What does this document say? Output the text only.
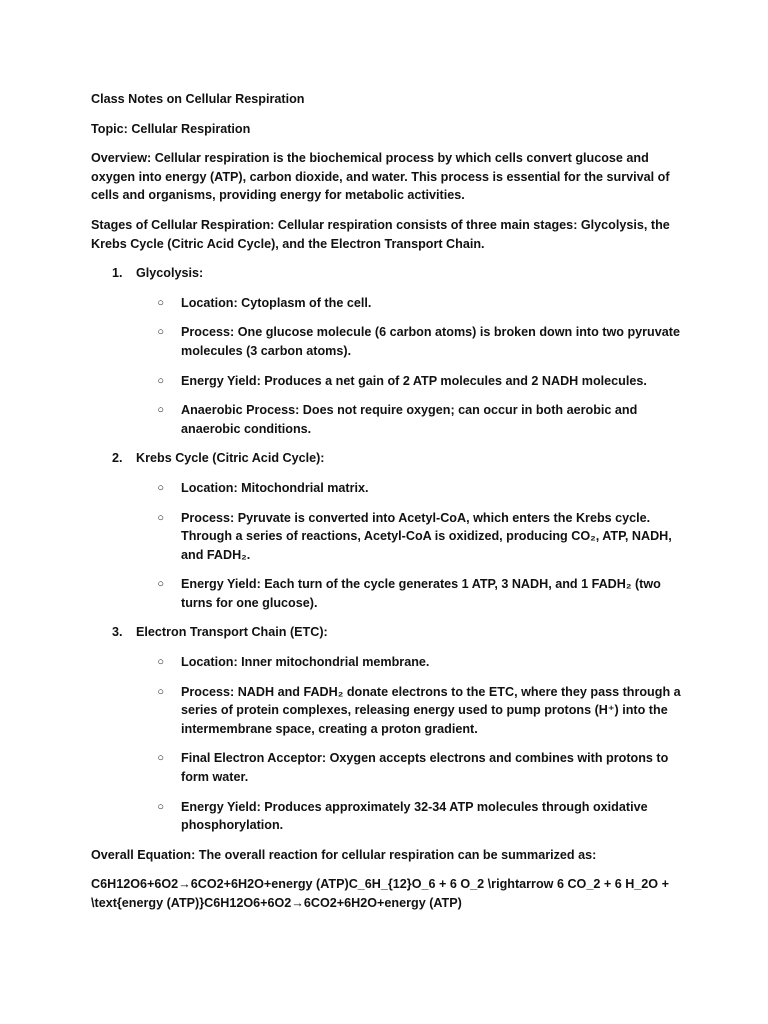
Class Notes on Cellular Respiration

Topic: Cellular Respiration

Overview: Cellular respiration is the biochemical process by which cells convert glucose and oxygen into energy (ATP), carbon dioxide, and water. This process is essential for the survival of cells and organisms, providing energy for metabolic activities.

Stages of Cellular Respiration: Cellular respiration consists of three main stages: Glycolysis, the Krebs Cycle (Citric Acid Cycle), and the Electron Transport Chain.

1.	Glycolysis:
○	Location: Cytoplasm of the cell.
○	Process: One glucose molecule (6 carbon atoms) is broken down into two pyruvate molecules (3 carbon atoms).
○	Energy Yield: Produces a net gain of 2 ATP molecules and 2 NADH molecules.
○	Anaerobic Process: Does not require oxygen; can occur in both aerobic and anaerobic conditions.
2.	Krebs Cycle (Citric Acid Cycle):
○	Location: Mitochondrial matrix.
○	Process: Pyruvate is converted into Acetyl-CoA, which enters the Krebs cycle. Through a series of reactions, Acetyl-CoA is oxidized, producing CO₂, ATP, NADH, and FADH₂.
○	Energy Yield: Each turn of the cycle generates 1 ATP, 3 NADH, and 1 FADH₂ (two turns for one glucose).
3.	Electron Transport Chain (ETC):
○	Location: Inner mitochondrial membrane.
○	Process: NADH and FADH₂ donate electrons to the ETC, where they pass through a series of protein complexes, releasing energy used to pump protons (H⁺) into the intermembrane space, creating a proton gradient.
○	Final Electron Acceptor: Oxygen accepts electrons and combines with protons to form water.
○	Energy Yield: Produces approximately 32-34 ATP molecules through oxidative phosphorylation.

Overall Equation: The overall reaction for cellular respiration can be summarized as:

C6H12O6+6O2→6CO2+6H2O+energy (ATP)C_6H_{12}O_6 + 6 O_2 \rightarrow 6 CO_2 + 6 H_2O + \text{energy (ATP)}C6H12O6+6O2→6CO2+6H2O+energy (ATP)
